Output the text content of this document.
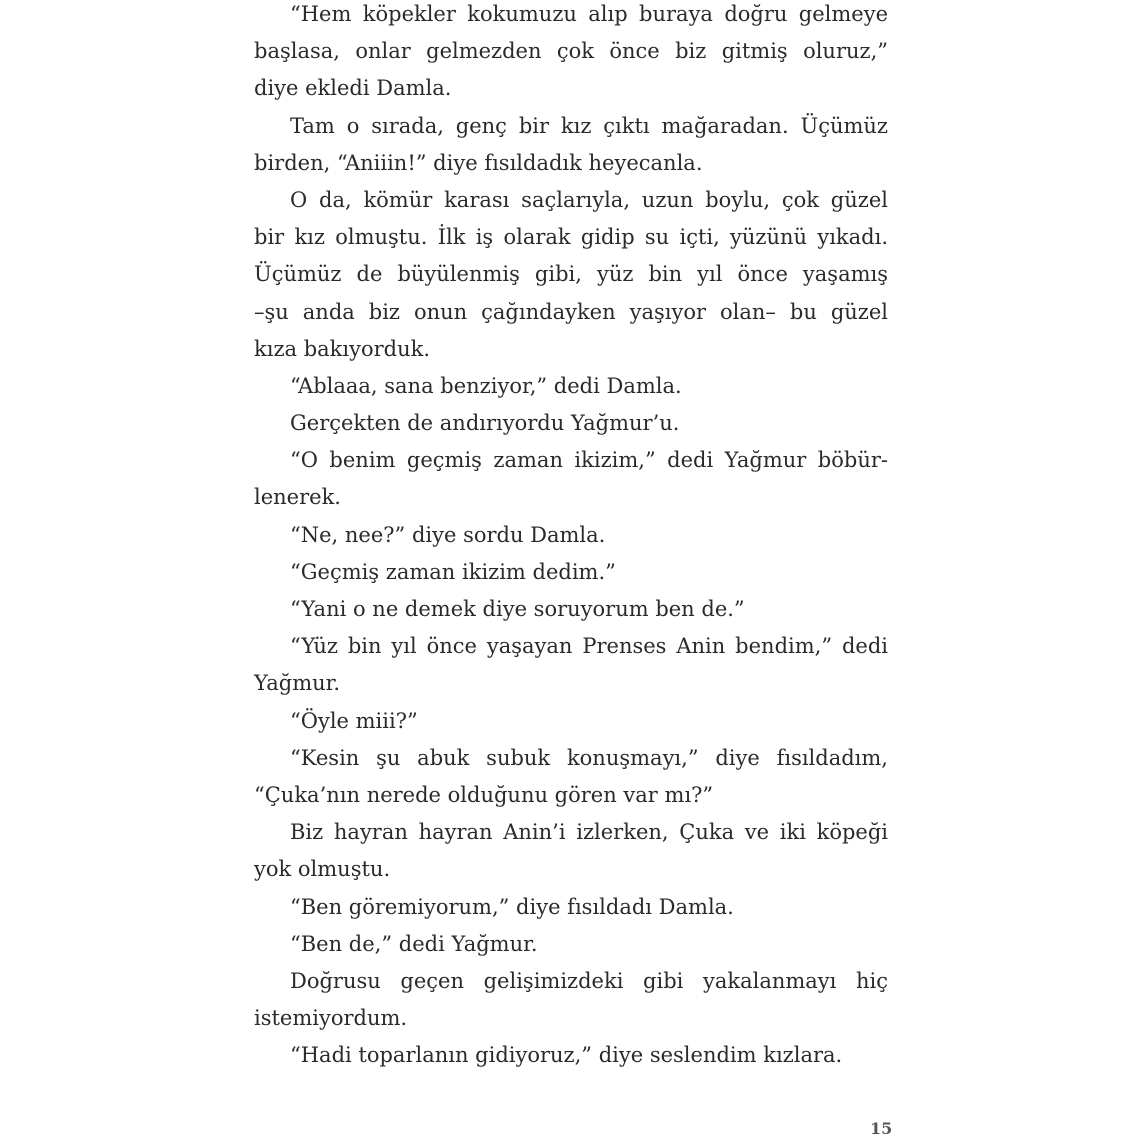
“Hem köpekler kokumuzu alıp buraya doğru gelmeye
başlasa, onlar gelmezden çok önce biz gitmiş oluruz,”
diye ekledi Damla.
Tam o sırada, genç bir kız çıktı mağaradan. Üçümüz
birden, “Aniiin!” diye fısıldadık heyecanla.
O da, kömür karası saçlarıyla, uzun boylu, çok güzel
bir kız olmuştu. İlk iş olarak gidip su içti, yüzünü yıkadı.
Üçümüz de büyülenmiş gibi, yüz bin yıl önce yaşamış
–şu anda biz onun çağındayken yaşıyor olan– bu güzel
kıza bakıyorduk.
“Ablaaa, sana benziyor,” dedi Damla.
Gerçekten de andırıyordu Yağmur’u.
“O benim geçmiş zaman ikizim,” dedi Yağmur böbür-
lenerek.
“Ne, nee?” diye sordu Damla.
“Geçmiş zaman ikizim dedim.”
“Yani o ne demek diye soruyorum ben de.”
“Yüz bin yıl önce yaşayan Prenses Anin bendim,” dedi
Yağmur.
“Öyle miii?”
“Kesin şu abuk subuk konuşmayı,” diye fısıldadım,
“Çuka’nın nerede olduğunu gören var mı?”
Biz hayran hayran Anin’i izlerken, Çuka ve iki köpeği
yok olmuştu.
“Ben göremiyorum,” diye fısıldadı Damla.
“Ben de,” dedi Yağmur.
Doğrusu geçen gelişimizdeki gibi yakalanmayı hiç
istemiyordum.
“Hadi toparlanın gidiyoruz,” diye seslendim kızlara.
15
